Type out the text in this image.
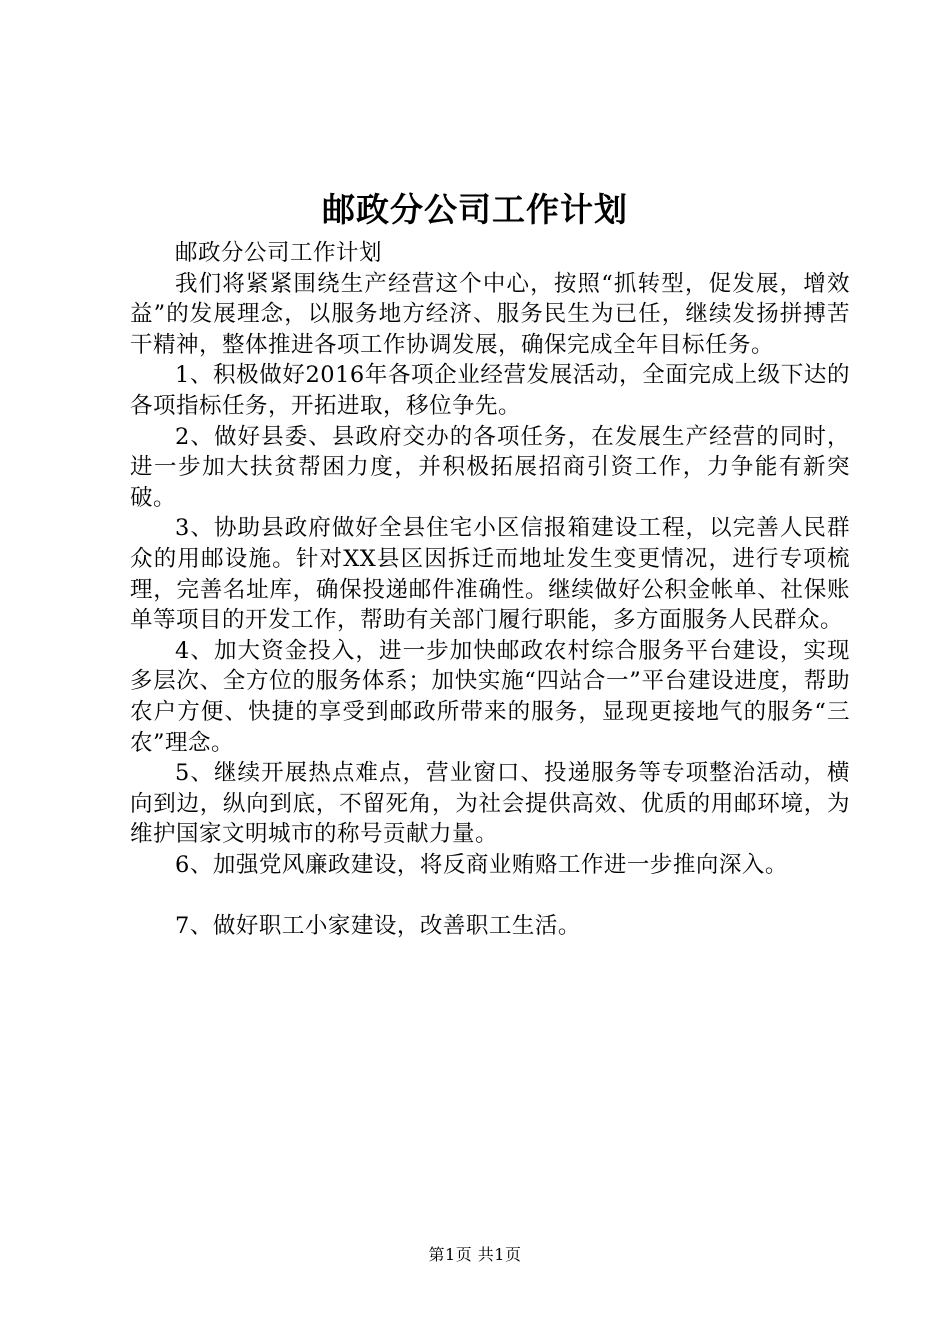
邮政分公司工作计划

邮政分公司工作计划

我们将紧紧围绕生产经营这个中心，按照“抓转型，促发展，增效益”的发展理念，以服务地方经济、服务民生为已任，继续发扬拼搏苦干精神，整体推进各项工作协调发展，确保完成全年目标任务。

1、积极做好2016年各项企业经营发展活动，全面完成上级下达的各项指标任务，开拓进取，移位争先。

2、做好县委、县政府交办的各项任务，在发展生产经营的同时，进一步加大扶贫帮困力度，并积极拓展招商引资工作，力争能有新突破。

3、协助县政府做好全县住宅小区信报箱建设工程，以完善人民群众的用邮设施。针对XX县区因拆迁而地址发生变更情况，进行专项梳理，完善名址库，确保投递邮件准确性。继续做好公积金帐单、社保账单等项目的开发工作，帮助有关部门履行职能，多方面服务人民群众。

4、加大资金投入，进一步加快邮政农村综合服务平台建设，实现多层次、全方位的服务体系；加快实施“四站合一”平台建设进度，帮助农户方便、快捷的享受到邮政所带来的服务，显现更接地气的服务“三农”理念。

5、继续开展热点难点，营业窗口、投递服务等专项整治活动，横向到边，纵向到底，不留死角，为社会提供高效、优质的用邮环境，为维护国家文明城市的称号贡献力量。

6、加强党风廉政建设，将反商业贿赂工作进一步推向深入。

7、做好职工小家建设，改善职工生活。

第1页 共1页
